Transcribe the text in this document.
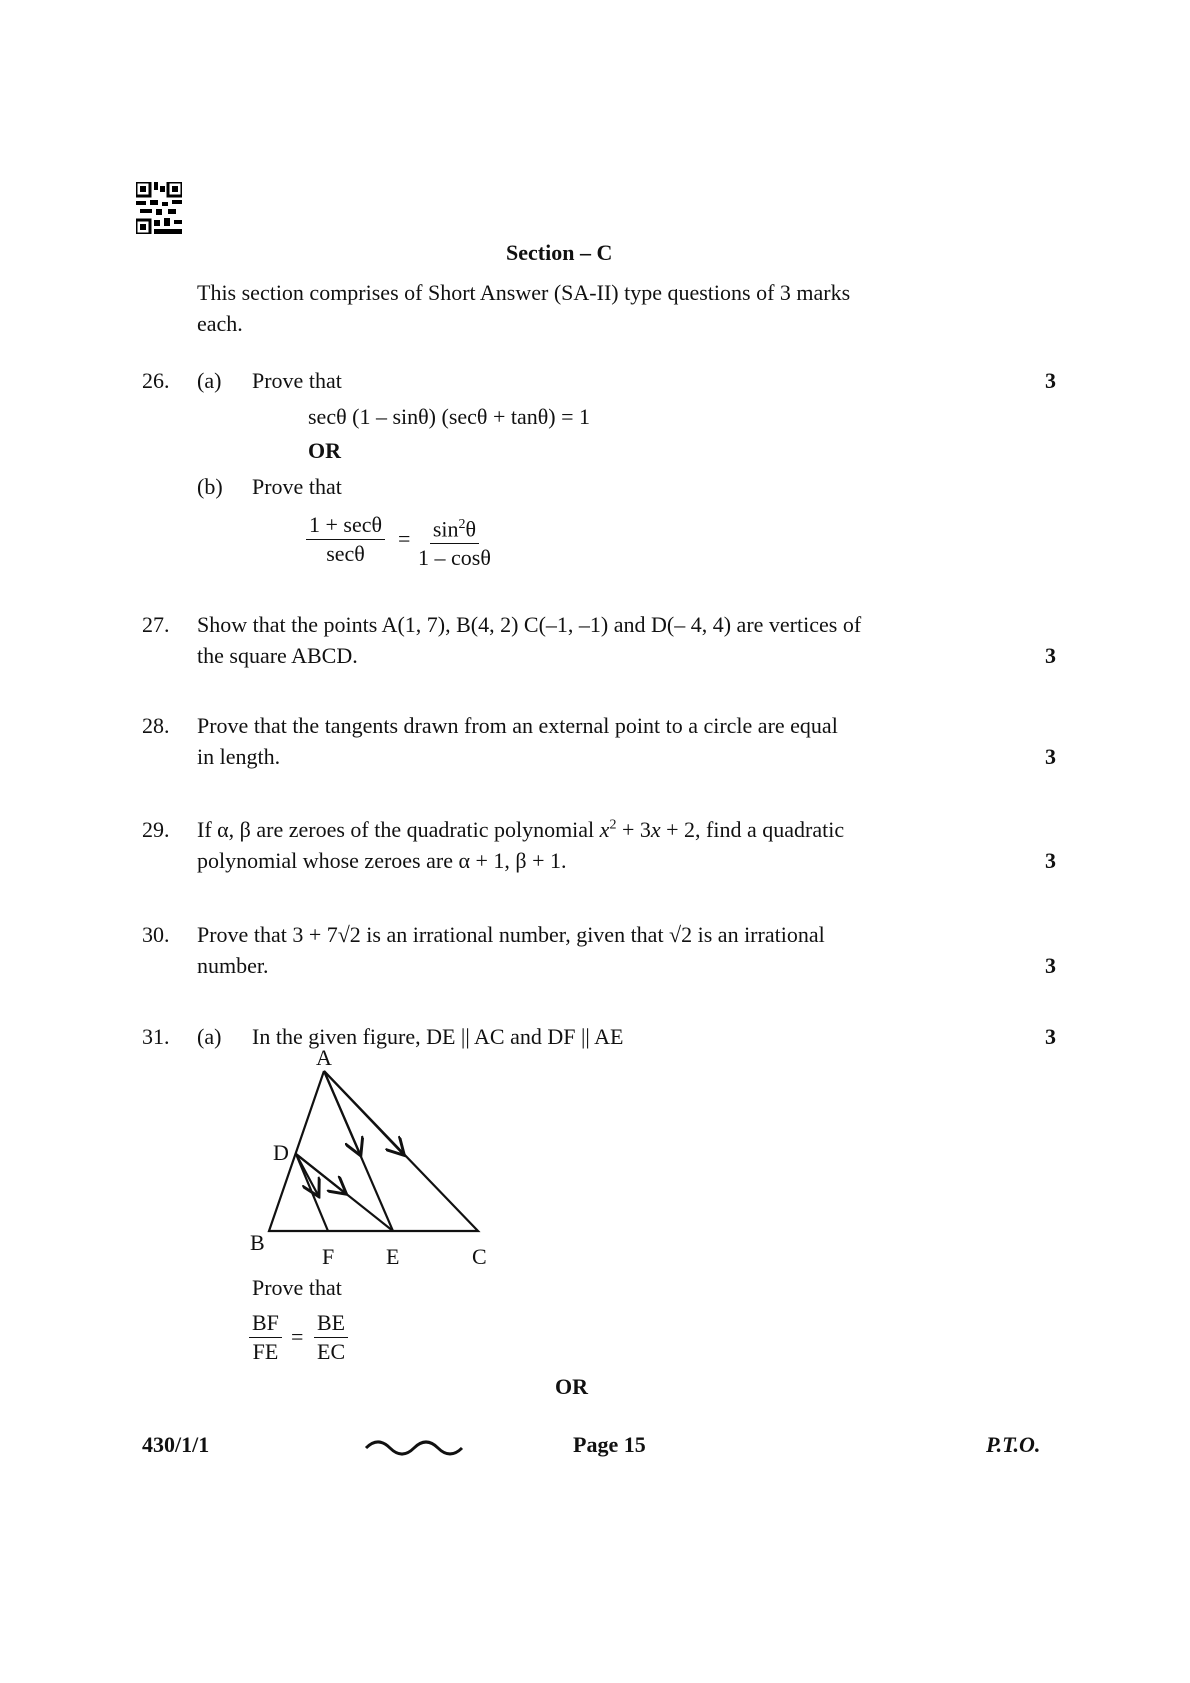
Section – C
This section comprises of Short Answer (SA-II) type questions of 3 marks
each.
26. (a) Prove that	3
secθ (1 – sinθ) (secθ + tanθ) = 1
OR
(b) Prove that
1 + secθ
secθ
= $\frac{\sin^2\theta}{1 - \cos\theta}$
27. Show that the points A(1, 7), B(4, 2) C(–1, –1) and D(– 4, 4) are vertices of
the square ABCD.	3
28. Prove that the tangents drawn from an external point to a circle are equal
in length.	3
29. If α, β are zeroes of the quadratic polynomial $x^2 + 3x + 2$, find a quadratic
polynomial whose zeroes are α + 1, β + 1.	3
30. Prove that 3 + 7√2 is an irrational number, given that √2 is an irrational
number.	3
31. (a) In the given figure, DE || AC and DF || AE	3
A
D
B
F E	C
Prove that
$\frac{BF}{FE} = \frac{BE}{EC}$
OR
430/1/1	Page 15	P.T.O.
